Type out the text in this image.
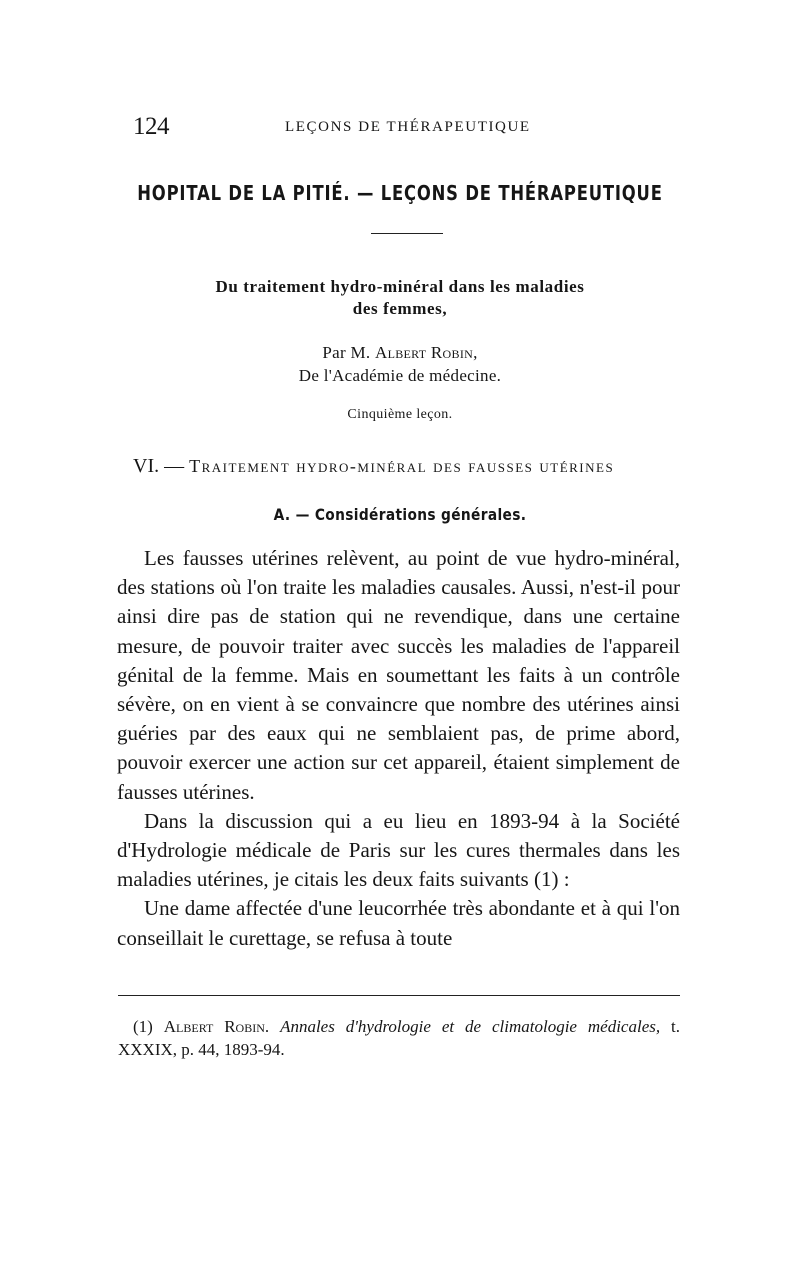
124	LEÇONS DE THÉRAPEUTIQUE
HOPITAL DE LA PITIÉ. — LEÇONS DE THÉRAPEUTIQUE
Du traitement hydro-minéral dans les maladies
des femmes,
Par M. Albert Robin,
De l'Académie de médecine.
Cinquième leçon.
VI. — Traitement hydro-minéral des fausses utérines
A. — Considérations générales.

Les fausses utérines relèvent, au point de vue hydro-minéral, des stations où l'on traite les maladies causales. Aussi, n'est-il pour ainsi dire pas de station qui ne revendique, dans une certaine mesure, de pouvoir traiter avec succès les maladies de l'appareil génital de la femme. Mais en soumettant les faits à un contrôle sévère, on en vient à se convaincre que nombre des utérines ainsi guéries par des eaux qui ne semblaient pas, de prime abord, pouvoir exercer une action sur cet appareil, étaient simplement de fausses utérines.

Dans la discussion qui a eu lieu en 1893-94 à la Société d'Hydrologie médicale de Paris sur les cures thermales dans les maladies utérines, je citais les deux faits suivants (1) :

Une dame affectée d'une leucorrhée très abondante et à qui l'on conseillait le curettage, se refusa à toute

(1) Albert Robin. Annales d'hydrologie et de climatologie médicales, t. XXXIX, p. 44, 1893-94.
